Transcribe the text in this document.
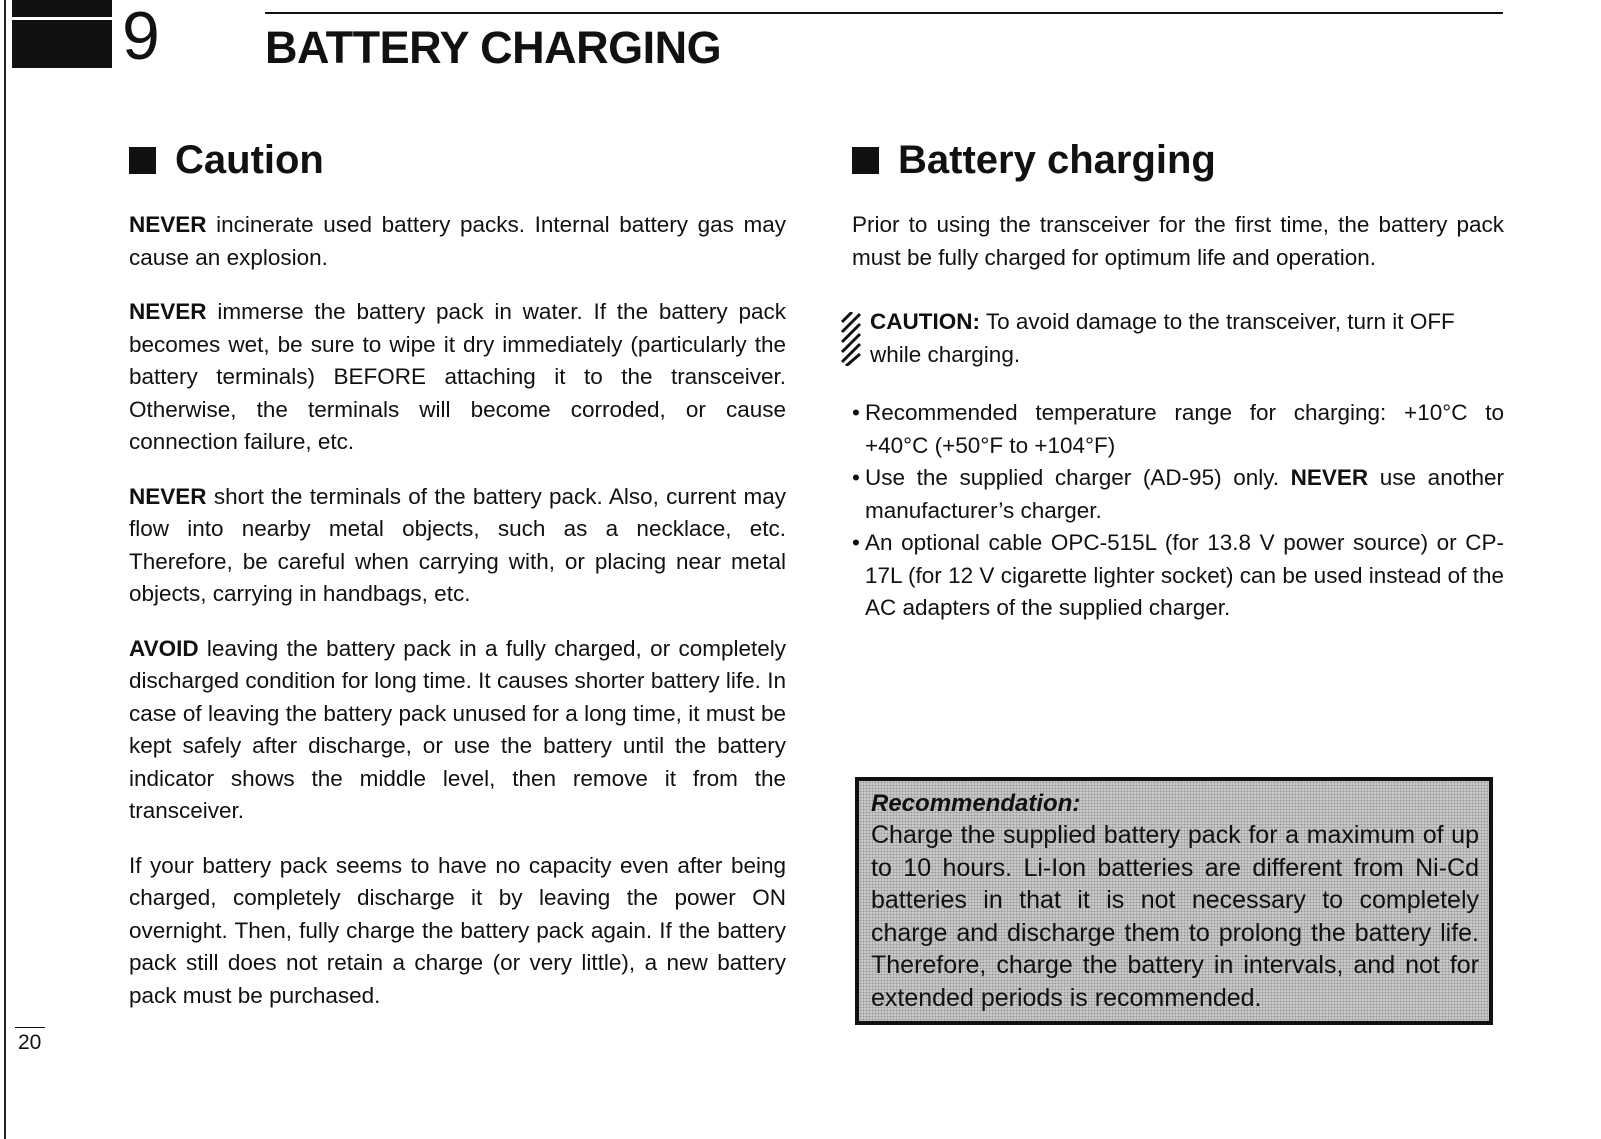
9 BATTERY CHARGING
Caution

NEVER incinerate used battery packs. Internal battery gas may cause an explosion.

NEVER immerse the battery pack in water. If the battery pack becomes wet, be sure to wipe it dry immediately (particularly the battery terminals) BEFORE attaching it to the transceiver. Otherwise, the terminals will become corroded, or cause connection failure, etc.

NEVER short the terminals of the battery pack. Also, current may flow into nearby metal objects, such as a necklace, etc. Therefore, be careful when carrying with, or placing near metal objects, carrying in handbags, etc.

AVOID leaving the battery pack in a fully charged, or completely discharged condition for long time. It causes shorter battery life. In case of leaving the battery pack unused for a long time, it must be kept safely after discharge, or use the battery until the battery indicator shows the middle level, then remove it from the transceiver.

If your battery pack seems to have no capacity even after being charged, completely discharge it by leaving the power ON overnight. Then, fully charge the battery pack again. If the battery pack still does not retain a charge (or very little), a new battery pack must be purchased.

Battery charging

Prior to using the transceiver for the first time, the battery pack must be fully charged for optimum life and operation.

CAUTION: To avoid damage to the transceiver, turn it OFF while charging.
• Recommended temperature range for charging: +10°C to +40°C (+50°F to +104°F)
• Use the supplied charger (AD-95) only. NEVER use another manufacturer’s charger.
• An optional cable OPC-515L (for 13.8 V power source) or CP-17L (for 12 V cigarette lighter socket) can be used instead of the AC adapters of the supplied charger.
Recommendation:
Charge the supplied battery pack for a maximum of up to 10 hours. Li-Ion batteries are different from Ni-Cd batteries in that it is not necessary to completely charge and discharge them to prolong the battery life. Therefore, charge the battery in intervals, and not for extended periods is recommended.
20
